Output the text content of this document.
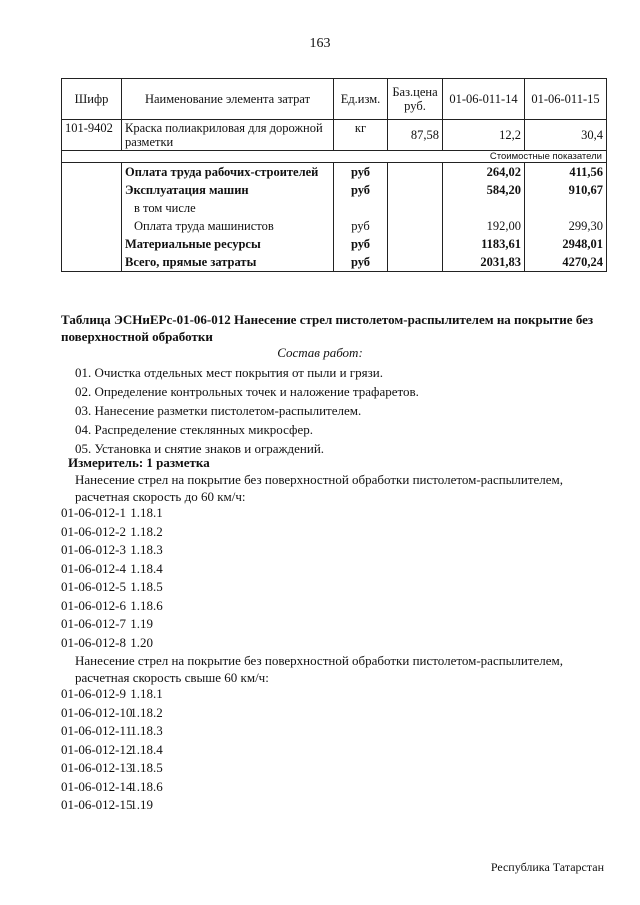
163
Шифр	Наименование элемента затрат	Ед.изм.	Баз.цена руб.	01-06-011-14	01-06-011-15
101-9402	Краска полиакриловая для дорожной разметки	кг	87,58	12,2	30,4
Стоимостные показатели					
	Оплата труда рабочих-строителей	руб		264,02	411,56
	Эксплуатация машин	руб		584,20	910,67
	в том числе				
	Оплата труда машинистов	руб		192,00	299,30
	Материальные ресурсы	руб		1183,61	2948,01
	Всего, прямые затраты	руб		2031,83	4270,24
Таблица ЭСНиЕРс-01-06-012 Нанесение стрел пистолетом-распылителем на покрытие без поверхностной обработки
Состав работ:
01. Очистка отдельных мест покрытия от пыли и грязи.
02. Определение контрольных точек и наложение трафаретов.
03. Нанесение разметки пистолетом-распылителем.
04. Распределение стеклянных микросфер.
05. Установка и снятие знаков и ограждений.
Измеритель: 1 разметка
Нанесение стрел на покрытие без поверхностной обработки пистолетом-распылителем, расчетная скорость до 60 км/ч:
01-06-012-1 1.18.1
01-06-012-2 1.18.2
01-06-012-3 1.18.3
01-06-012-4 1.18.4
01-06-012-5 1.18.5
01-06-012-6 1.18.6
01-06-012-7 1.19
01-06-012-8 1.20
Нанесение стрел на покрытие без поверхностной обработки пистолетом-распылителем, расчетная скорость свыше 60 км/ч:
01-06-012-9 1.18.1
01-06-012-10 1.18.2
01-06-012-11 1.18.3
01-06-012-12 1.18.4
01-06-012-13 1.18.5
01-06-012-14 1.18.6
01-06-012-15 1.19
Республика Татарстан
